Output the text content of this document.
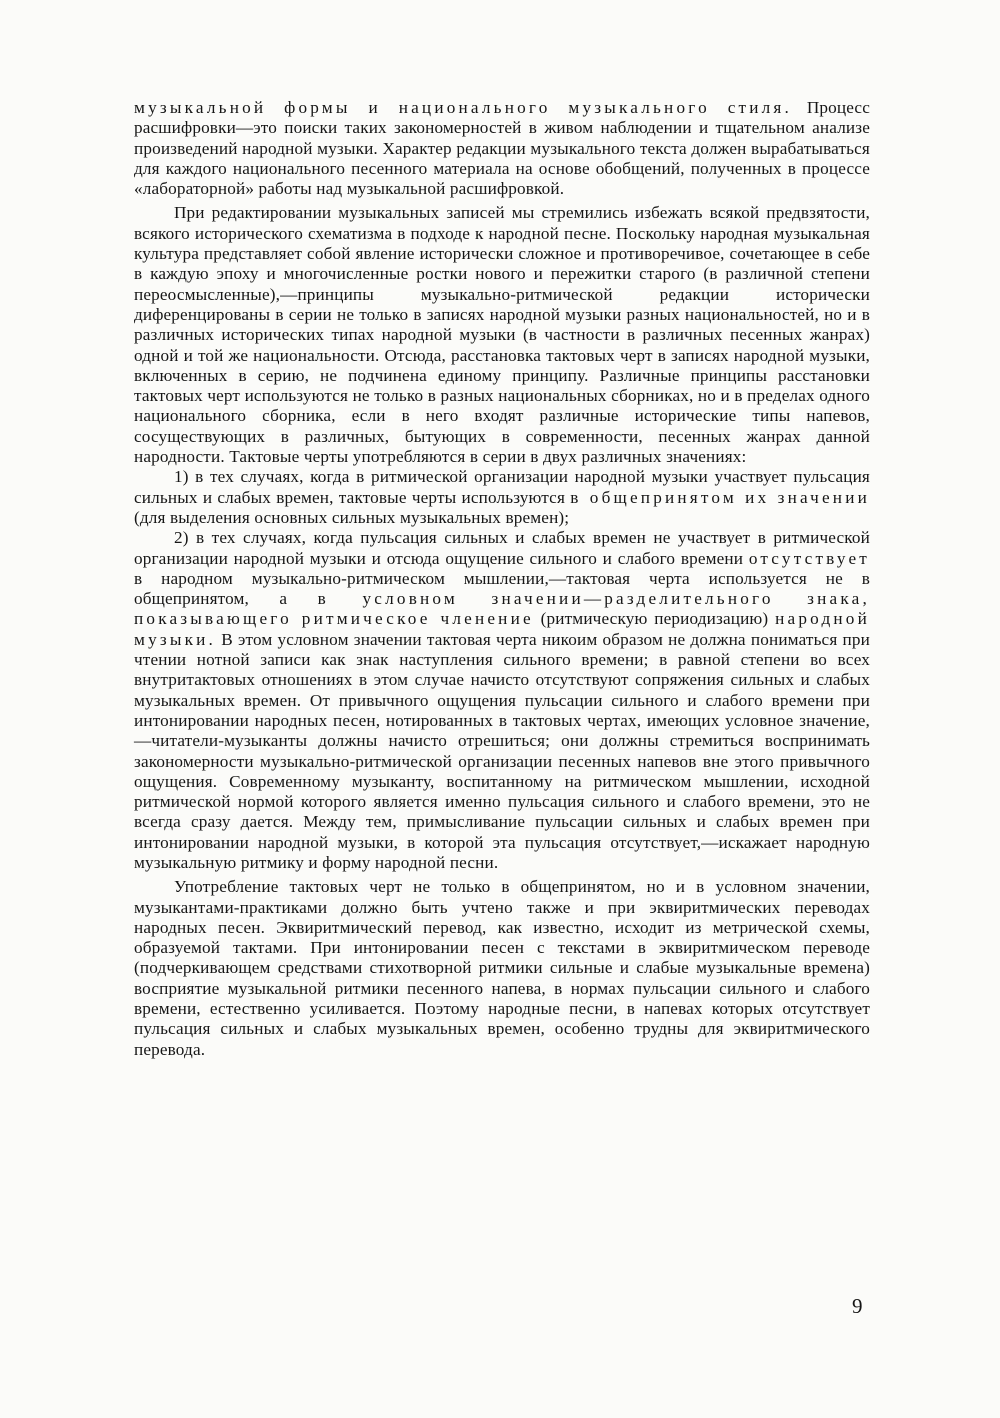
музыкальной формы и национального музыкального стиля. Процесс расшифровки—это поиски таких закономерностей в живом наблюдении и тщательном анализе произведений народной музыки. Характер редакции музыкального текста должен вырабатываться для каждого национального песенного материала на основе обобщений, полученных в процессе «лабораторной» работы над музыкальной расшифровкой.

При редактировании музыкальных записей мы стремились избежать всякой предвзятости, всякого исторического схематизма в подходе к народной песне. Поскольку народная музыкальная культура представляет собой явление исторически сложное и противоречивое, сочетающее в себе в каждую эпоху и многочисленные ростки нового и пережитки старого (в различной степени переосмысленные),—принципы музыкально-ритмической редакции исторически диференцированы в серии не только в записях народной музыки разных национальностей, но и в различных исторических типах народной музыки (в частности в различных песенных жанрах) одной и той же национальности. Отсюда, расстановка тактовых черт в записях народной музыки, включенных в серию, не подчинена единому принципу. Различные принципы расстановки тактовых черт используются не только в разных национальных сборниках, но и в пределах одного национального сборника, если в него входят различные исторические типы напевов, сосуществующих в различных, бытующих в современности, песенных жанрах данной народности. Тактовые черты употребляются в серии в двух различных значениях:

1) в тех случаях, когда в ритмической организации народной музыки участвует пульсация сильных и слабых времен, тактовые черты используются в общепринятом их значении (для выделения основных сильных музыкальных времен);

2) в тех случаях, когда пульсация сильных и слабых времен не участвует в ритмической организации народной музыки и отсюда ощущение сильного и слабого времени отсутствует в народном музыкально-ритмическом мышлении,—тактовая черта используется не в общепринятом, а в условном значении—разделительного знака, показывающего ритмическое членение (ритмическую периодизацию) народной музыки. В этом условном значении тактовая черта никоим образом не должна пониматься при чтении нотной записи как знак наступления сильного времени; в равной степени во всех внутритактовых отношениях в этом случае начисто отсутствуют сопряжения сильных и слабых музыкальных времен. От привычного ощущения пульсации сильного и слабого времени при интонировании народных песен, нотированных в тактовых чертах, имеющих условное значение,—читатели-музыканты должны начисто отрешиться; они должны стремиться воспринимать закономерности музыкально-ритмической организации песенных напевов вне этого привычного ощущения. Современному музыканту, воспитанному на ритмическом мышлении, исходной ритмической нормой которого является именно пульсация сильного и слабого времени, это не всегда сразу дается. Между тем, примысливание пульсации сильных и слабых времен при интонировании народной музыки, в которой эта пульсация отсутствует,—искажает народную музыкальную ритмику и форму народной песни.

Употребление тактовых черт не только в общепринятом, но и в условном значении, музыкантами-практиками должно быть учтено также и при эквиритмических переводах народных песен. Эквиритмический перевод, как известно, исходит из метрической схемы, образуемой тактами. При интонировании песен с текстами в эквиритмическом переводе (подчеркивающем средствами стихотворной ритмики сильные и слабые музыкальные времена) восприятие музыкальной ритмики песенного напева, в нормах пульсации сильного и слабого времени, естественно усиливается. Поэтому народные песни, в напевах которых отсутствует пульсация сильных и слабых музыкальных времен, особенно трудны для эквиритмического перевода.

9
